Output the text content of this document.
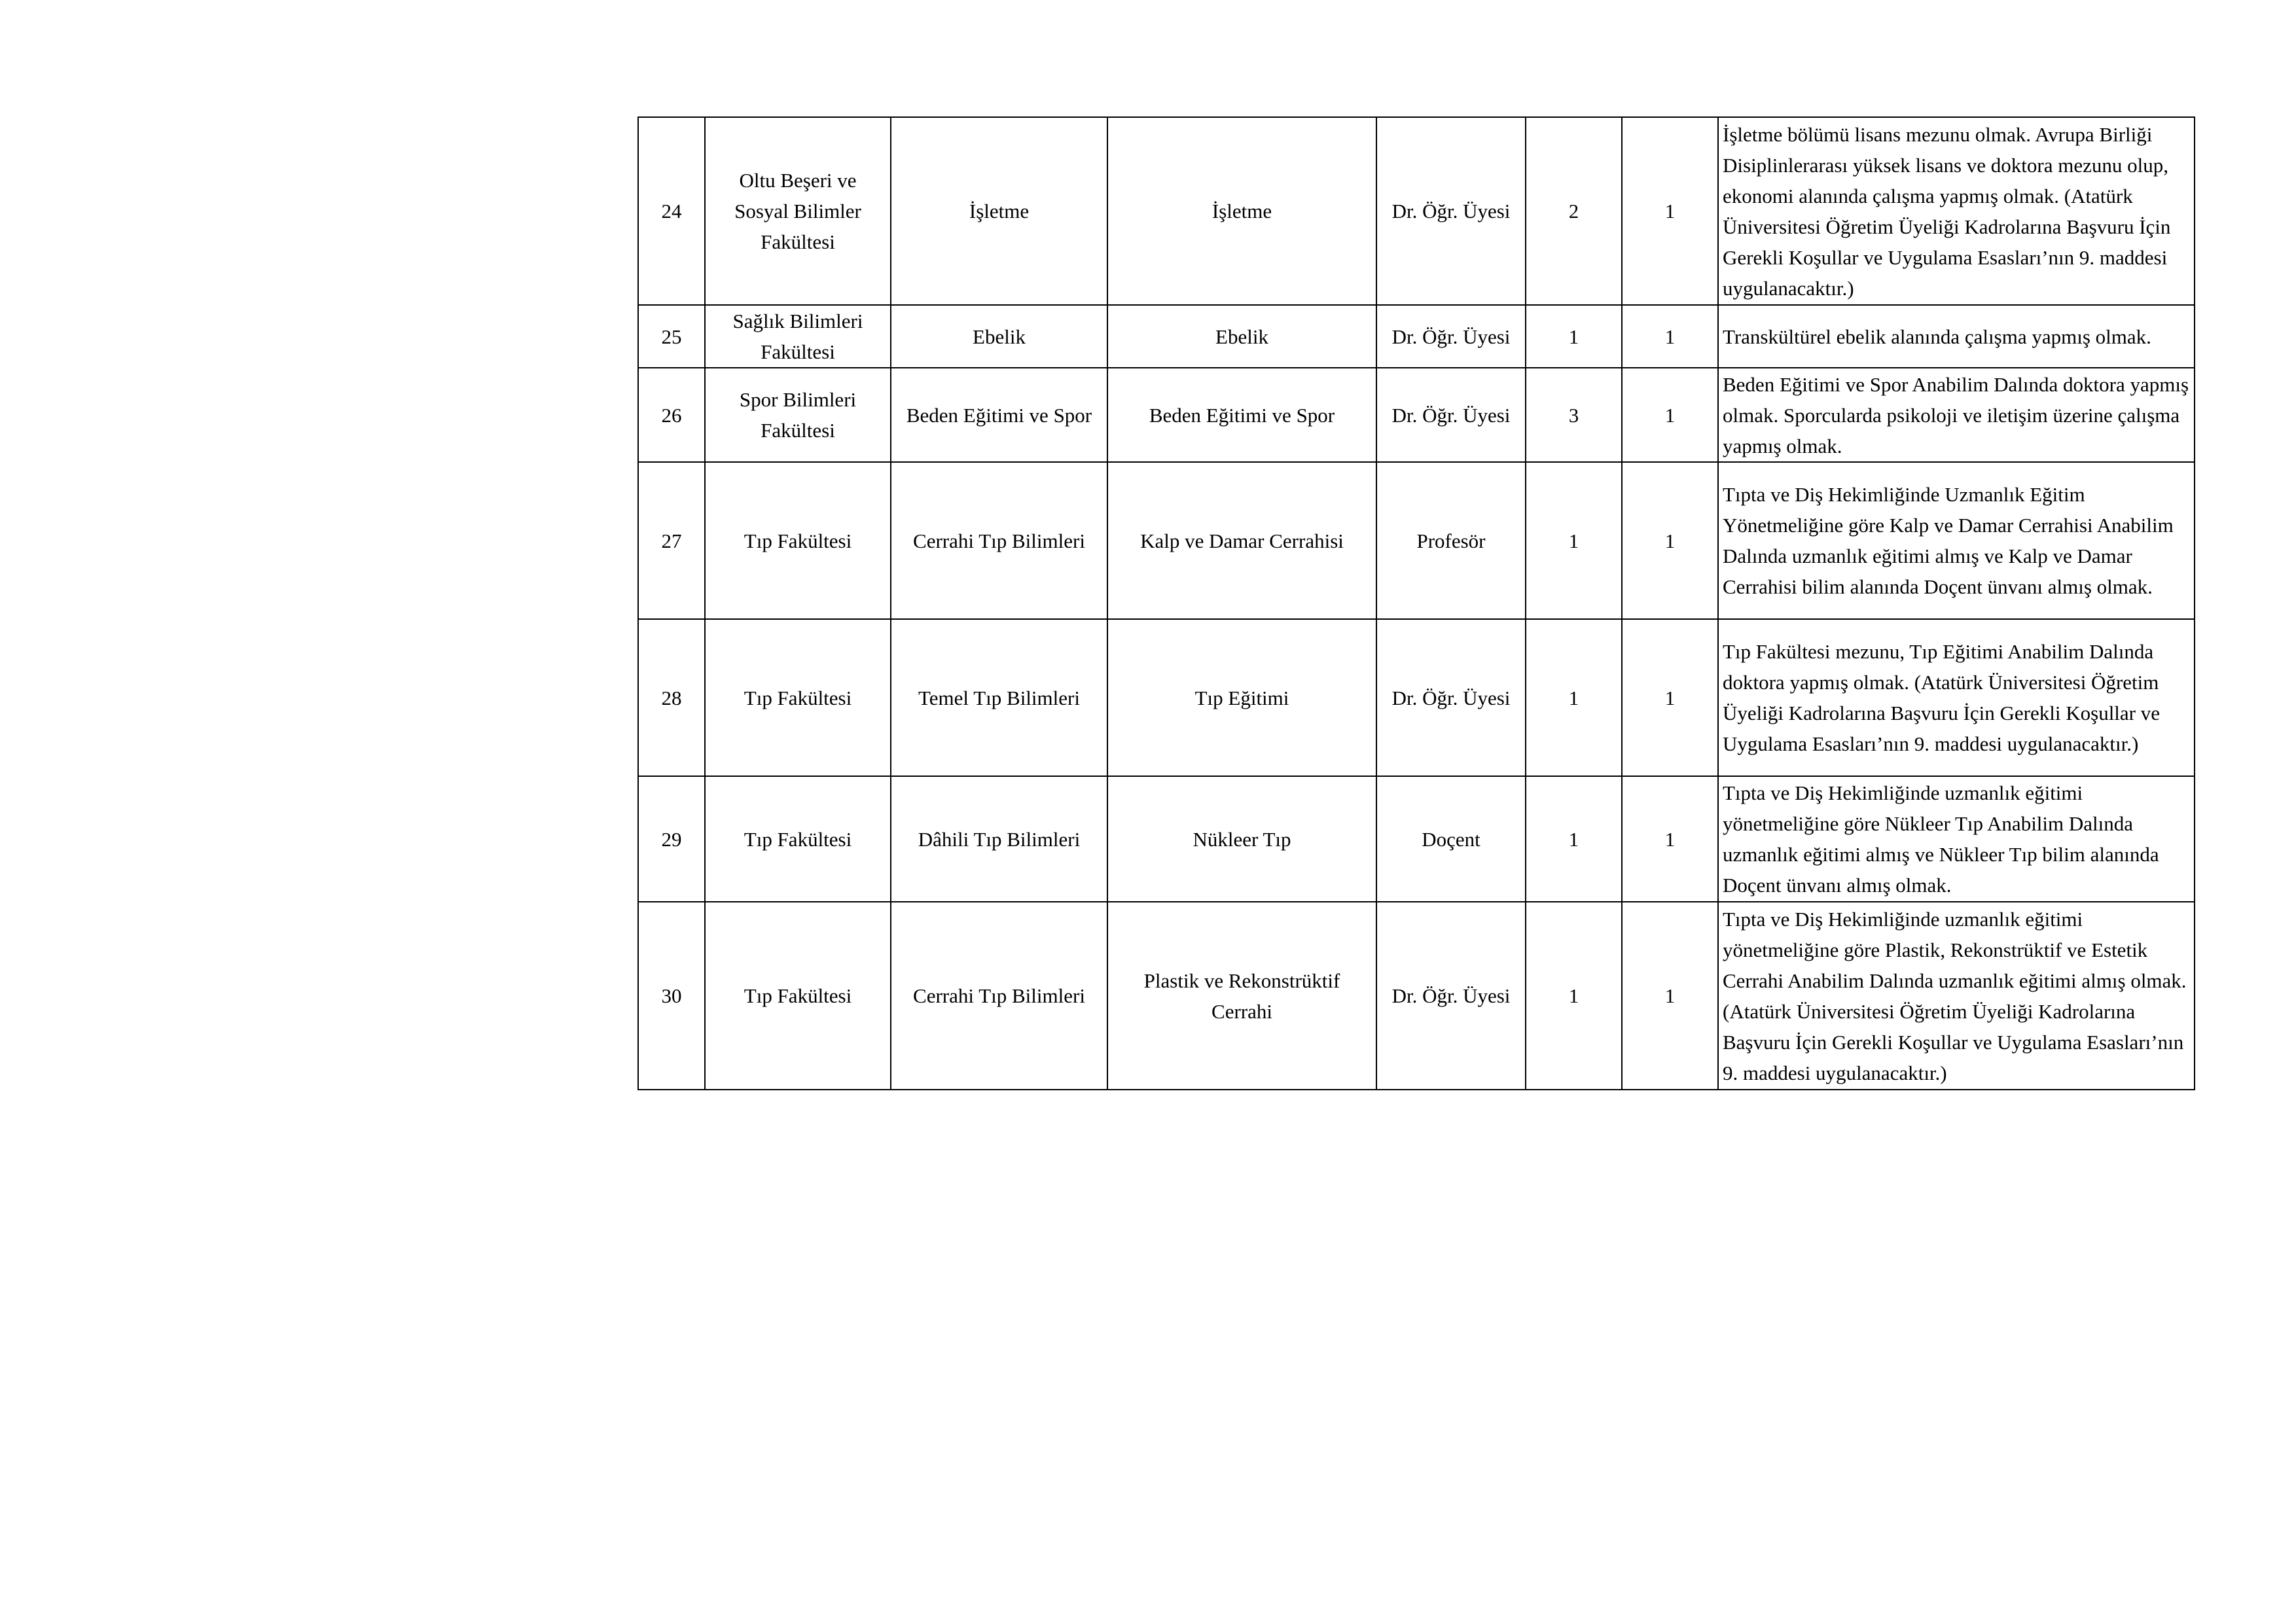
24	Oltu Beşeri ve Sosyal Bilimler Fakültesi	İşletme	İşletme	Dr. Öğr. Üyesi	2	1	İşletme bölümü lisans mezunu olmak. Avrupa Birliği Disiplinlerarası yüksek lisans ve doktora mezunu olup, ekonomi alanında çalışma yapmış olmak. (Atatürk Üniversitesi Öğretim Üyeliği Kadrolarına Başvuru İçin Gerekli Koşullar ve Uygulama Esasları’nın 9. maddesi uygulanacaktır.)
25	Sağlık Bilimleri Fakültesi	Ebelik	Ebelik	Dr. Öğr. Üyesi	1	1	Transkültürel ebelik alanında çalışma yapmış olmak.
26	Spor Bilimleri Fakültesi	Beden Eğitimi ve Spor	Beden Eğitimi ve Spor	Dr. Öğr. Üyesi	3	1	Beden Eğitimi ve Spor Anabilim Dalında doktora yapmış olmak. Sporcularda psikoloji ve iletişim üzerine çalışma yapmış olmak.
27	Tıp Fakültesi	Cerrahi Tıp Bilimleri	Kalp ve Damar Cerrahisi	Profesör	1	1	Tıpta ve Diş Hekimliğinde Uzmanlık Eğitim Yönetmeliğine göre Kalp ve Damar Cerrahisi Anabilim Dalında uzmanlık eğitimi almış ve Kalp ve Damar Cerrahisi bilim alanında Doçent ünvanı almış olmak.
28	Tıp Fakültesi	Temel Tıp Bilimleri	Tıp Eğitimi	Dr. Öğr. Üyesi	1	1	Tıp Fakültesi mezunu, Tıp Eğitimi Anabilim Dalında doktora yapmış olmak. (Atatürk Üniversitesi Öğretim Üyeliği Kadrolarına Başvuru İçin Gerekli Koşullar ve Uygulama Esasları’nın 9. maddesi uygulanacaktır.)
29	Tıp Fakültesi	Dâhili Tıp Bilimleri	Nükleer Tıp	Doçent	1	1	Tıpta ve Diş Hekimliğinde uzmanlık eğitimi yönetmeliğine göre Nükleer Tıp Anabilim Dalında uzmanlık eğitimi almış ve Nükleer Tıp bilim alanında Doçent ünvanı almış olmak.
30	Tıp Fakültesi	Cerrahi Tıp Bilimleri	Plastik ve Rekonstrüktif Cerrahi	Dr. Öğr. Üyesi	1	1	Tıpta ve Diş Hekimliğinde uzmanlık eğitimi yönetmeliğine göre Plastik, Rekonstrüktif ve Estetik Cerrahi Anabilim Dalında uzmanlık eğitimi almış olmak. (Atatürk Üniversitesi Öğretim Üyeliği Kadrolarına Başvuru İçin Gerekli Koşullar ve Uygulama Esasları’nın 9. maddesi uygulanacaktır.)
